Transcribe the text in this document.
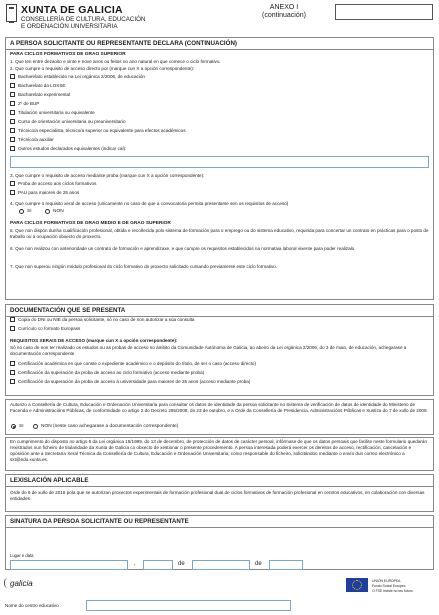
XUNTA DE GALICIA
CONSELLERÍA DE CULTURA, EDUCACIÓN
E ORDENACIÓN UNIVERSITARIA
ANEXO I
(continuación)
A PERSOA SOLICITANTE OU REPRESENTANTE DECLARA (CONTINUACIÓN)
PARA CICLOS FORMATIVOS DE GRAO SUPERIOR
1. Que ten entre dezaoito e vinte e nove anos ou feitos no ano natural en que comece o ciclo formativo.
2. Que cumpre o requisito de acceso directo por (marque cun X a opción correspondente):
Bacharelato establecido na Lei orgánica 2/2006, de educación
Bacharelato da LOXSE
Bacharelato experimental
2º de BUP
Titulación universitaria ou equivalente
Curso de orientación universitaria ou preuniversitario
Técnico/a especialista, técnico/a superior ou equivalente para efectos académicos
Técnico/a auxiliar
Outros estudos declarados equivalentes (indicar cal):
3. Que cumpre o requisito de acceso mediante proba (marque cun X a opción correspondente):
Proba de acceso aos ciclos formativos
PAU para maiores de 25 anos
4. Que cumpre o requisito xeral de acceso (unicamente no caso de que a convocatoria permita presentarse sen os requisitos de acceso)
SI	NON
PARA CICLOS FORMATIVOS DE GRAO MEDIO E DE GRAO SUPERIOR
5. Que non dispón dunha cualificación profesional, obtida e recoñecida polo sistema de formación para o emprego ou do sistema educativo, requirida para concertar un contrato en prácticas para o posto de traballo ou a ocupación obxecto do proxecto.
6. Que non realizou con anterioridade un contrato de formación e aprendizaxe, e que cumpre os requisitos establecidos na normativa laboral vixente para poder realizalo.
7. Que non superou ningún módulo profesional do ciclo formativo do proxecto solicitado cursando previamente este ciclo formativo.
DOCUMENTACIÓN QUE SE PRESENTA
Copia do DNI ou NIE da persoa solicitante, só no caso de non autorizar a súa consulta
Currículo co formato Europass
REQUISITOS XERAIS DE ACCESO (marque cun X a opción correspondente):
Só no caso de non ter realizado os estudos ou as probas de acceso no ámbito da Comunidade Autónoma de Galicia, ao abeiro da Lei orgánica 2/2006, do 3 de maio, de educación, achegarase a documentación correspondente.
Certificación académica en que conste o expediente académico e o depósito do título, de ser o caso (acceso directo)
Certificación da superación da proba de acceso ao ciclo formativo (acceso mediante proba)
Certificación da superación da proba de acceso á universidade para maiores de 25 anos (acceso mediante proba)
Autorizo a Consellería de Cultura, Educación e Ordenación Universitaria para consultar os datos de identidade da persoa solicitante no Sistema de verificación de datos de identidade do Ministerio de Facenda e Administracións Públicas, de conformidade co artigo 2 do Decreto 255/2008, do 23 de outubro, e a Orde da Consellería de Presidencia, Administracións Públicas e Xustiza do 7 de xullo de 2009.
SI	NON (neste caso achegarase a documentación correspondente)
En cumprimento do disposto no artigo 5 da Lei orgánica 15/1999, do 13 de decembro, de protección de datos de carácter persoal, infórmase de que os datos persoais que facilite neste formulario quedarán rexistrados nun ficheiro de titularidade da Xunta de Galicia co obxecto de xestionar o presente procedemento. A persoa interesada poderá exercer os dereitos de acceso, rectificación, cancelación e oposición ante a Secretaría Xeral Técnica da Consellería de Cultura, Educación e Ordenación Universitaria, como responsable do ficheiro, solicitándoo mediante o envío dun correo electrónico a sxt@edu.xunta.es.
LEXISLACIÓN APLICABLE
Orde do 6 de xullo de 2016 pola que se autorizan proxectos experimentais de formación profesional dual de ciclos formativos de formación profesional en centros educativos, en colaboración con diversas entidades.
SINATURA DA PERSOA SOLICITANTE OU REPRESENTANTE
Lugar e data
,	de	de
galicia	UNIÓN EUROPEA
Fondo Social Europeo
O FSE inviste no teu futuro
Nome do centro educativo
